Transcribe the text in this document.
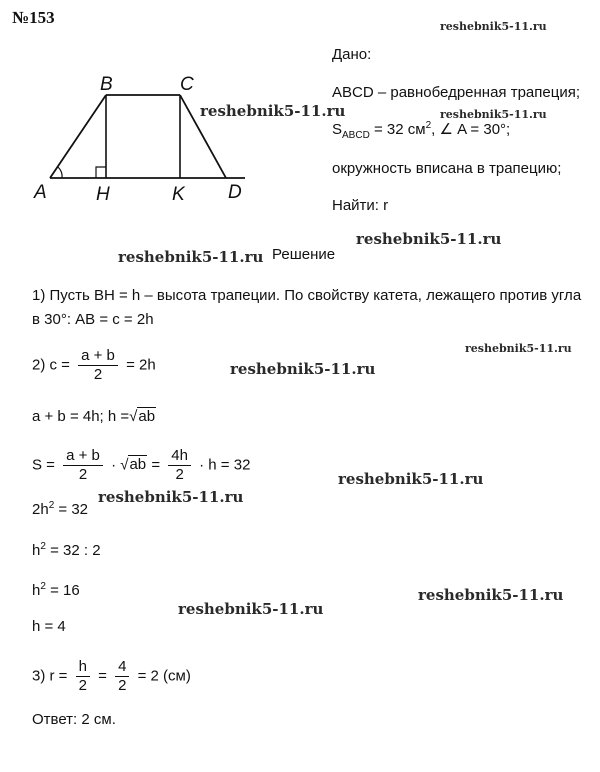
№153	reshebnik5-11.ru
reshebnik5-11.ru	reshebnik5-11.ru
reshebnik5-11.ru
reshebnik5-11.ru
reshebnik5-11.ru
reshebnik5-11.ru
reshebnik5-11.ru
reshebnik5-11.ru
reshebnik5-11.ru
reshebnik5-11.ru
A
B	C
D
H	K
Дано:
ABCD – равнобедренная трапеция;
$S_{ABCD} = 32$ $см^2$, ∠ A = 30°;
окружность вписана в трапецию;
Найти: r
Решение
1) Пусть BH = h – высота трапеции. По свойству катета, лежащего против угла
в 30°: AB = c = 2h
2) $c = \frac{a + b}{2} = 2h$
a + b = 4h; h =√ab
$S = \frac{a + b}{2} \cdot √ab = \frac{4h}{2} \cdot h = 32$
$2h^2 = 32$
$h^2 = 32$ : 2
$h^2 = 16$
h = 4
3) $r = \frac{h}{2} = \frac{4}{2} = 2$ (см)
Ответ: 2 см.
